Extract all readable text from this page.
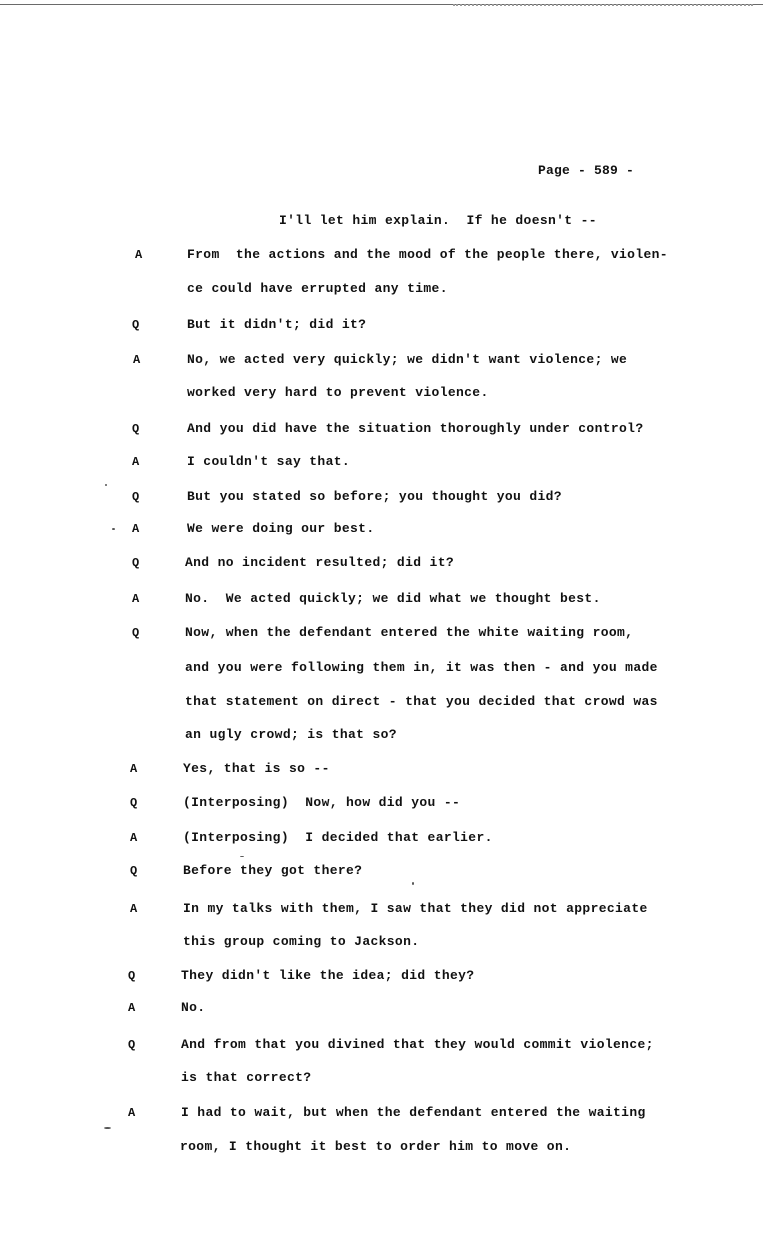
Page - 589 -
I'll let him explain.  If he doesn't --
A	From  the actions and the mood of the people there, violen-
ce could have errupted any time.
Q	But it didn't; did it?
A	No, we acted very quickly; we didn't want violence; we
worked very hard to prevent violence.
Q	And you did have the situation thoroughly under control?
A	I couldn't say that.
Q	But you stated so before; you thought you did?
A	We were doing our best.
Q	And no incident resulted; did it?
A	No.  We acted quickly; we did what we thought best.
Q	Now, when the defendant entered the white waiting room,
and you were following them in, it was then - and you made
that statement on direct - that you decided that crowd was
an ugly crowd; is that so?
A	Yes, that is so --
Q	(Interposing)  Now, how did you --
A	(Interposing)  I decided that earlier.
Q	Before they got there?
A	In my talks with them, I saw that they did not appreciate
this group coming to Jackson.
Q	They didn't like the idea; did they?
A	No.
Q	And from that you divined that they would commit violence;
is that correct?
A	I had to wait, but when the defendant entered the waiting
room, I thought it best to order him to move on.
